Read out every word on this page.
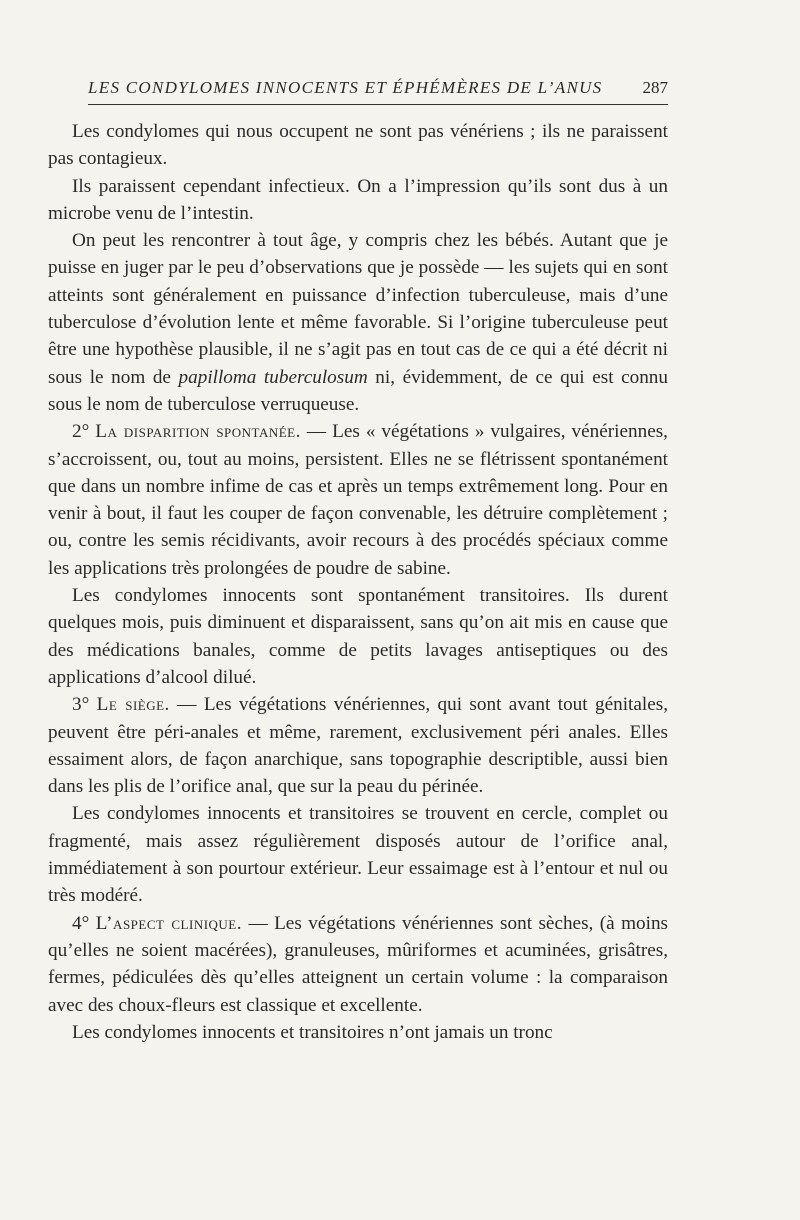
LES CONDYLOMES INNOCENTS ET ÉPHÉMÈRES DE L’ANUS 287

Les condylomes qui nous occupent ne sont pas vénériens ; ils ne paraissent pas contagieux.

Ils paraissent cependant infectieux. On a l’impression qu’ils sont dus à un microbe venu de l’intestin.

On peut les rencontrer à tout âge, y compris chez les bébés. Autant que je puisse en juger par le peu d’observations que je possède — les sujets qui en sont atteints sont généralement en puissance d’infection tuberculeuse, mais d’une tuberculose d’évolution lente et même favorable. Si l’origine tuberculeuse peut être une hypothèse plausible, il ne s’agit pas en tout cas de ce qui a été décrit ni sous le nom de papilloma tuberculosum ni, évidemment, de ce qui est connu sous le nom de tuberculose verruqueuse.

2° La disparition spontanée. — Les « végétations » vulgaires, vénériennes, s’accroissent, ou, tout au moins, persistent. Elles ne se flétrissent spontanément que dans un nombre infime de cas et après un temps extrêmement long. Pour en venir à bout, il faut les couper de façon convenable, les détruire complètement ; ou, contre les semis récidivants, avoir recours à des procédés spéciaux comme les applications très prolongées de poudre de sabine.

Les condylomes innocents sont spontanément transitoires. Ils durent quelques mois, puis diminuent et disparaissent, sans qu’on ait mis en cause que des médications banales, comme de petits lavages antiseptiques ou des applications d’alcool dilué.

3° Le siège. — Les végétations vénériennes, qui sont avant tout génitales, peuvent être péri-anales et même, rarement, exclusivement péri anales. Elles essaiment alors, de façon anarchique, sans topographie descriptible, aussi bien dans les plis de l’orifice anal, que sur la peau du périnée.

Les condylomes innocents et transitoires se trouvent en cercle, complet ou fragmenté, mais assez régulièrement disposés autour de l’orifice anal, immédiatement à son pourtour extérieur. Leur essaimage est à l’entour et nul ou très modéré.

4° L’aspect clinique. — Les végétations vénériennes sont sèches, (à moins qu’elles ne soient macérées), granuleuses, mûriformes et acuminées, grisâtres, fermes, pédiculées dès qu’elles atteignent un certain volume : la comparaison avec des choux-fleurs est classique et excellente.

Les condylomes innocents et transitoires n’ont jamais un tronc
